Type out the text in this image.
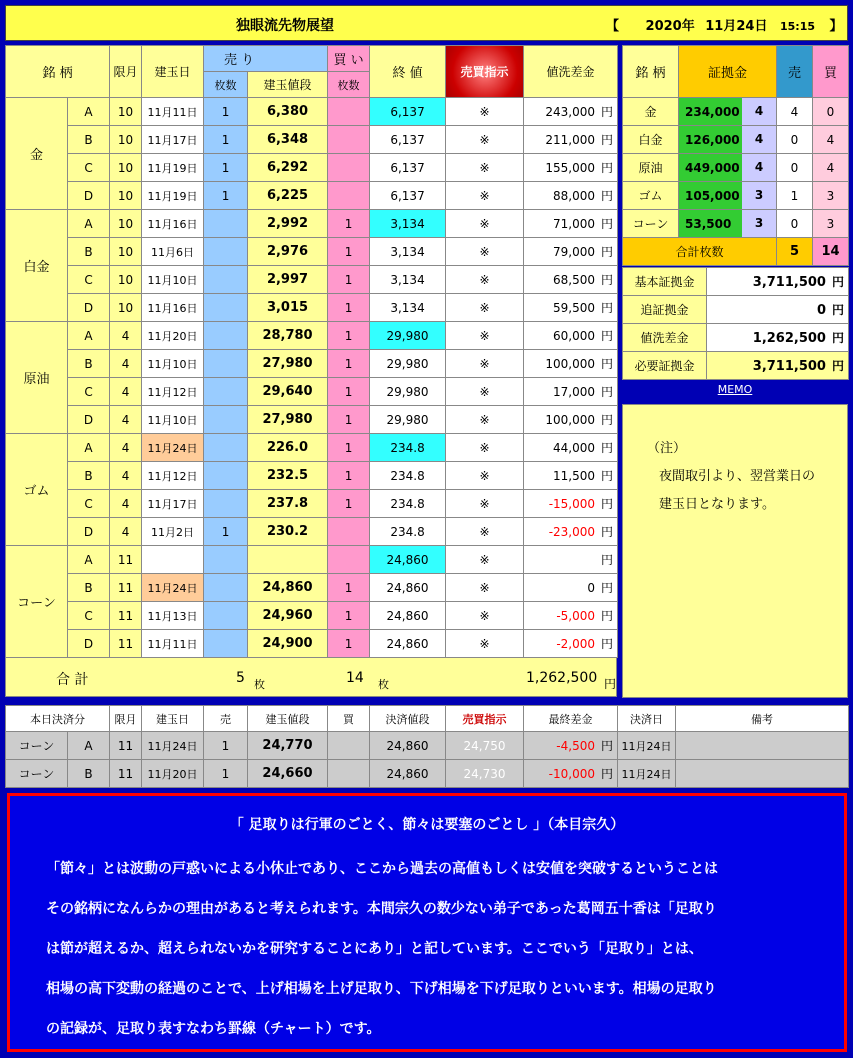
独眼流先物展望	【 2020年 11月24日 15:15 】
銘 柄		限月	建玉日	売 り		買 い	終 値	売買指示	値洗差金
				枚数	建玉値段	枚数			
金	A	10	11月11日	1	6,380		6,137	※	243,000 円
	B	10	11月17日	1	6,348		6,137	※	211,000 円
	C	10	11月19日	1	6,292		6,137	※	155,000 円
	D	10	11月19日	1	6,225		6,137	※	88,000 円
白金	A	10	11月16日		2,992	1	3,134	※	71,000 円
	B	10	11月6日		2,976	1	3,134	※	79,000 円
	C	10	11月10日		2,997	1	3,134	※	68,500 円
	D	10	11月16日		3,015	1	3,134	※	59,500 円
原油	A	4	11月20日		28,780	1	29,980	※	60,000 円
	B	4	11月10日		27,980	1	29,980	※	100,000 円
	C	4	11月12日		29,640	1	29,980	※	17,000 円
	D	4	11月10日		27,980	1	29,980	※	100,000 円
ゴム	A	4	11月24日		226.0	1	234.8	※	44,000 円
	B	4	11月12日		232.5	1	234.8	※	11,500 円
	C	4	11月17日		237.8	1	234.8	※	-15,000 円
	D	4	11月2日	1	230.2		234.8	※	-23,000 円
コーン	A	11					24,860	※	円
	B	11	11月24日		24,860	1	24,860	※	0 円
	C	11	11月13日		24,960	1	24,860	※	-5,000 円
	D	11	11月11日		24,900	1	24,860	※	-2,000 円
合 計	5 枚	14 枚	1,262,500 円
銘 柄	証拠金	売	買
金	234,000 4	4	0
白金	126,000 4	0	4
原油	449,000 4	0	4
ゴム	105,000 3	1	3
コーン	53,500 3	0	3
合計枚数		5	14
基本証拠金	3,711,500 円
追証拠金	0 円
値洗差金	1,262,500 円
必要証拠金	3,711,500 円
MEMO
（注）
夜間取引より、翌営業日の
建玉日となります。
本日決済分		限月	建玉日	売	建玉値段	買	決済値段	売買指示	最終差金	決済日	備考
コーン	A	11	11月24日	1	24,770		24,860	24,750	-4,500 円	11月24日	
コーン	B	11	11月20日	1	24,660		24,860	24,730	-10,000 円	11月24日	
「 足取りは行軍のごとく、節々は要塞のごとし 」（本目宗久）
「節々」とは波動の戸惑いによる小休止であり、ここから過去の高値もしくは安値を突破するということは
その銘柄になんらかの理由があると考えられます。本間宗久の数少ない弟子であった葛岡五十香は「足取り
は節が超えるか、超えられないかを研究することにあり」と記しています。ここでいう「足取り」とは、
相場の高下変動の経過のことで、上げ相場を上げ足取り、下げ相場を下げ足取りといいます。相場の足取り
の記録が、足取り表すなわち罫線（チャート）です。
